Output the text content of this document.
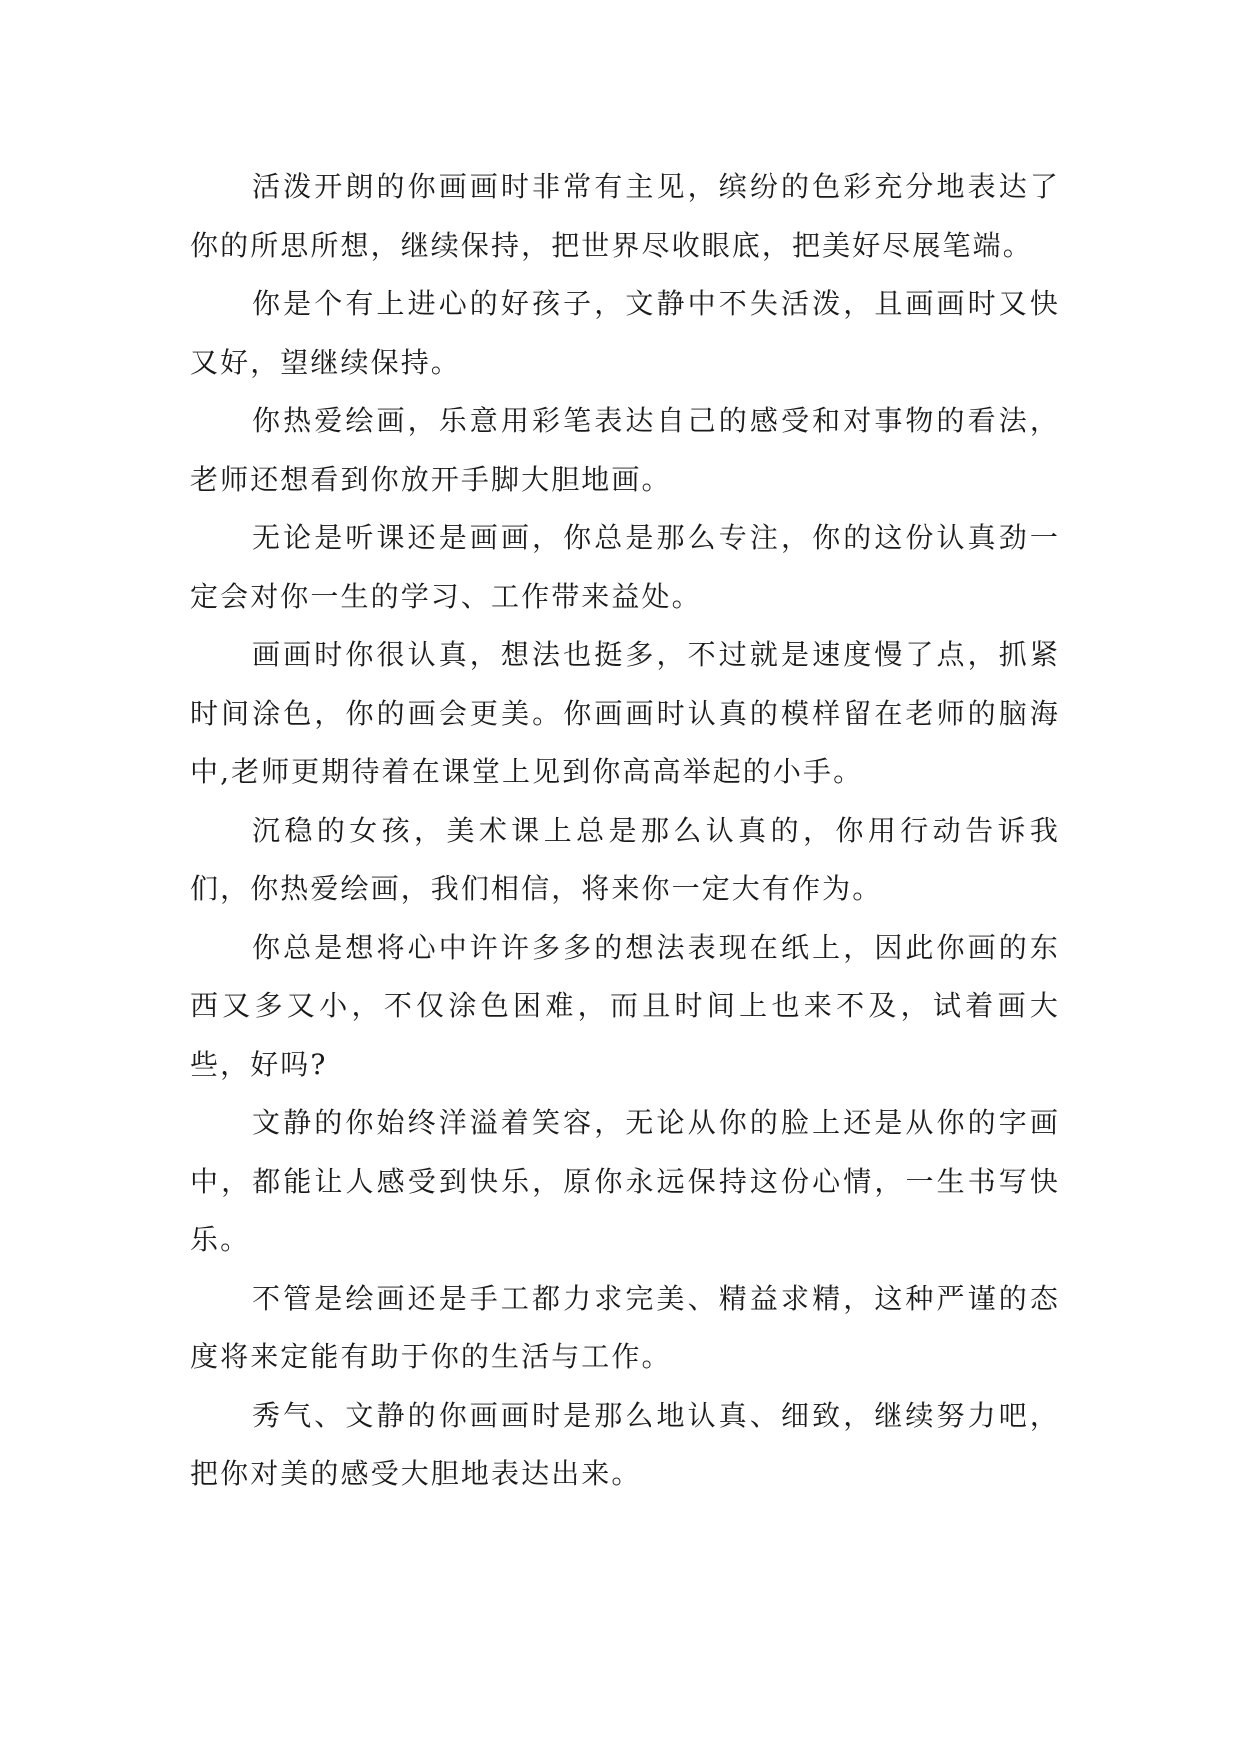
活泼开朗的你画画时非常有主见，缤纷的色彩充分地表达了你的所思所想，继续保持，把世界尽收眼底，把美好尽展笔端。

你是个有上进心的好孩子，文静中不失活泼，且画画时又快又好，望继续保持。

你热爱绘画，乐意用彩笔表达自己的感受和对事物的看法，老师还想看到你放开手脚大胆地画。

无论是听课还是画画，你总是那么专注，你的这份认真劲一定会对你一生的学习、工作带来益处。

画画时你很认真，想法也挺多，不过就是速度慢了点，抓紧时间涂色，你的画会更美。你画画时认真的模样留在老师的脑海中,老师更期待着在课堂上见到你高高举起的小手。

沉稳的女孩，美术课上总是那么认真的，你用行动告诉我们，你热爱绘画，我们相信，将来你一定大有作为。

你总是想将心中许许多多的想法表现在纸上，因此你画的东西又多又小，不仅涂色困难，而且时间上也来不及，试着画大些，好吗?

文静的你始终洋溢着笑容，无论从你的脸上还是从你的字画中，都能让人感受到快乐，原你永远保持这份心情，一生书写快乐。

不管是绘画还是手工都力求完美、精益求精，这种严谨的态度将来定能有助于你的生活与工作。

秀气、文静的你画画时是那么地认真、细致，继续努力吧，把你对美的感受大胆地表达出来。
